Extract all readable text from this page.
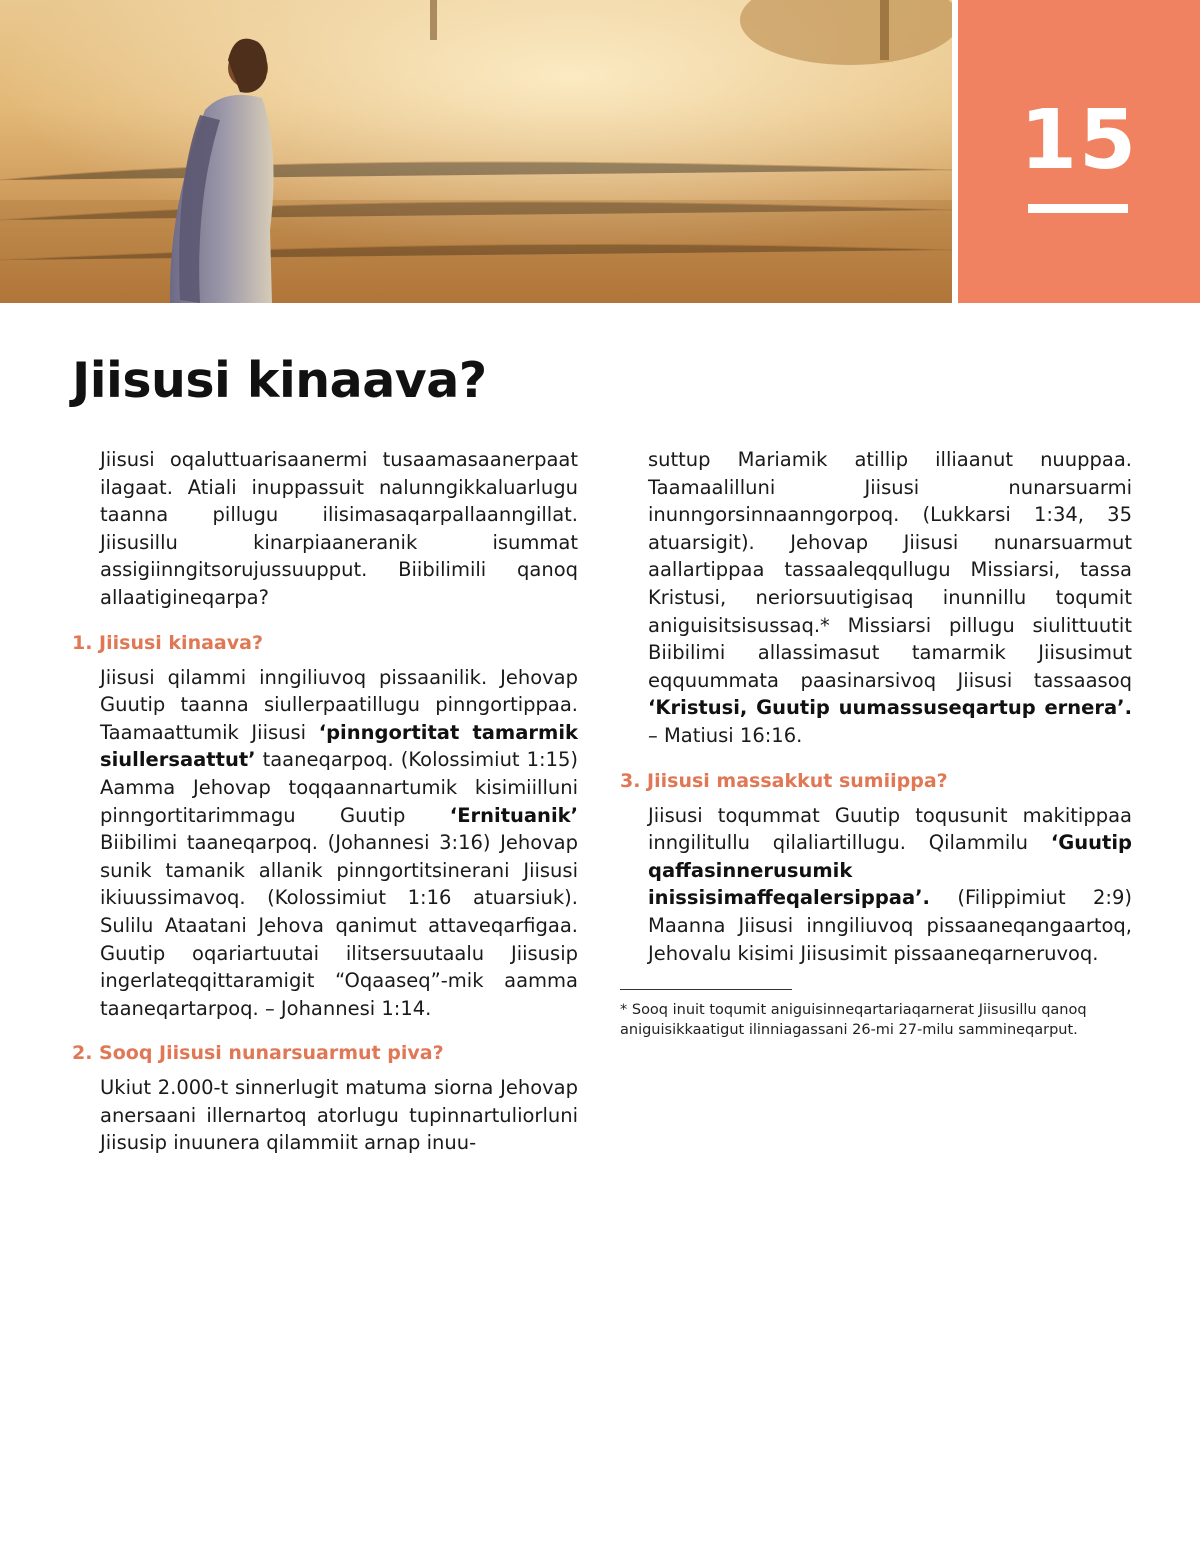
15
Jiisusi kinaava?

Jiisusi oqaluttuarisaanermi tusaamasaanerpaat ilagaat. Atiali inuppassuit nalunngikkaluarlugu taanna pillugu ilisimasaqarpallaanngillat. Jiisusillu kinarpiaaneranik isummat assigiinngitsorujussuupput. Biibilimili qanoq allaatigineqarpa?

1. Jiisusi kinaava?

Jiisusi qilammi inngiliuvoq pissaanilik. Jehovap Guutip taanna siullerpaatillugu pinngortippaa. Taamaattumik Jiisusi ‘pinngortitat tamarmik siullersaattut’ taaneqarpoq. (Kolossimiut 1:15) Aamma Jehovap toqqaannartumik kisimiilluni pinngortitarimmagu Guutip ‘Ernituanik’ Biibilimi taaneqarpoq. (Johannesi 3:16) Jehovap sunik tamanik allanik pinngortitsinerani Jiisusi ikiuussimavoq. (Kolossimiut 1:16 atuarsiuk). Sulilu Ataatani Jehova qanimut attaveqarfigaa. Guutip oqariartuutai ilitsersuutaalu Jiisusip ingerlateqqittaramigit “Oqaaseq”-mik aamma taaneqartarpoq. – Johannesi 1:14.

2. Sooq Jiisusi nunarsuarmut piva?

Ukiut 2.000-t sinnerlugit matuma siorna Jehovap anersaani illernartoq atorlugu tupinnartuliorluni Jiisusip inuunera qilammiit arnap inuu-

suttup Mariamik atillip illiaanut nuuppaa. Taamaalilluni Jiisusi nunarsuarmi inunngorsinnaanngorpoq. (Lukkarsi 1:34, 35 atuarsigit). Jehovap Jiisusi nunarsuarmut aallartippaa tassaaleqqullugu Missiarsi, tassa Kristusi, neriorsuutigisaq inunnillu toqumit aniguisitsisussaq.* Missiarsi pillugu siulittuutit Biibilimi allassimasut tamarmik Jiisusimut eqquummata paasinarsivoq Jiisusi tassaasoq ‘Kristusi, Guutip uumassuseqartup ernera’. – Matiusi 16:16.

3. Jiisusi massakkut sumiippa?

Jiisusi toqummat Guutip toqusunit makitippaa inngilitullu qilaliartillugu. Qilammilu ‘Guutip qaffasinnerusumik inissisimaffeqalersippaa’. (Filippimiut 2:9) Maanna Jiisusi inngiliuvoq pissaaneqangaartoq, Jehovalu kisimi Jiisusimit pissaaneqarneruvoq.

* Sooq inuit toqumit aniguisinneqartariaqarnerat Jiisusillu qanoq aniguisikkaatigut ilinniagassani 26-mi 27-milu sammineqarput.
